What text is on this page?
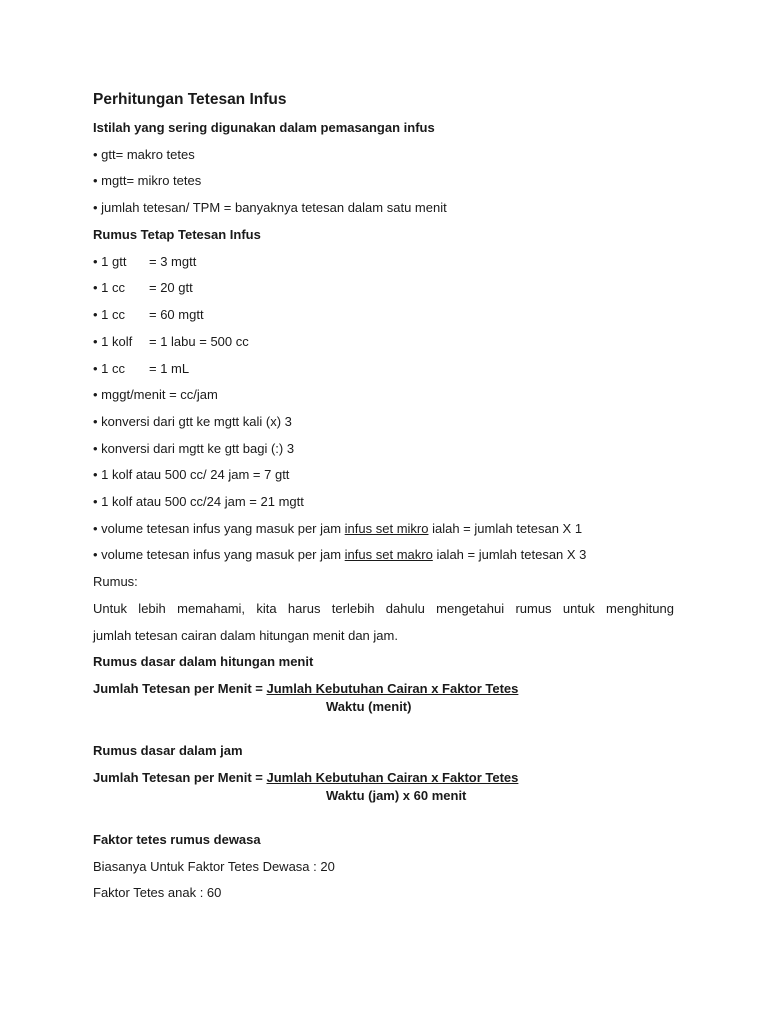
Perhitungan Tetesan Infus
Istilah yang sering digunakan dalam pemasangan infus
• gtt= makro tetes
• mgtt= mikro tetes
• jumlah tetesan/ TPM = banyaknya tetesan dalam satu menit
Rumus Tetap Tetesan Infus
• 1 gtt = 3 mgtt
• 1 cc = 20 gtt
• 1 cc = 60 mgtt
• 1 kolf = 1 labu = 500 cc
• 1 cc = 1 mL
• mggt/menit = cc/jam
• konversi dari gtt ke mgtt kali (x) 3
• konversi dari mgtt ke gtt bagi (:) 3
• 1 kolf atau 500 cc/ 24 jam = 7 gtt
• 1 kolf atau 500 cc/24 jam = 21 mgtt
• volume tetesan infus yang masuk per jam infus set mikro ialah = jumlah tetesan X 1
• volume tetesan infus yang masuk per jam infus set makro ialah = jumlah tetesan X 3
Rumus:
Untuk lebih memahami, kita harus terlebih dahulu mengetahui rumus untuk menghitung
jumlah tetesan cairan dalam hitungan menit dan jam.
Rumus dasar dalam hitungan menit
Jumlah Tetesan per Menit = Jumlah Kebutuhan Cairan x Faktor Tetes
Waktu (menit)
Rumus dasar dalam jam
Jumlah Tetesan per Menit = Jumlah Kebutuhan Cairan x Faktor Tetes
Waktu (jam) x 60 menit
Faktor tetes rumus dewasa
Biasanya Untuk Faktor Tetes Dewasa : 20
Faktor Tetes anak : 60
